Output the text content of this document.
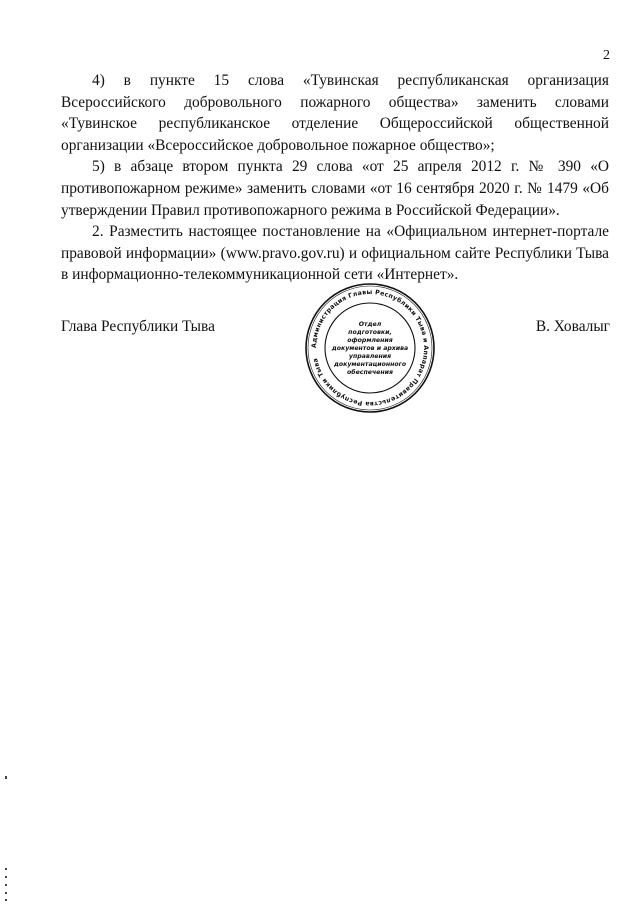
2

4) в пункте 15 слова «Тувинская республиканская организация Всероссийского добровольного пожарного общества» заменить словами «Тувинское республиканское отделение Общероссийской общественной организации «Всероссийское добровольное пожарное общество»;

5) в абзаце втором пункта 29 слова «от 25 апреля 2012 г. № 390 «О противопожарном режиме» заменить словами «от 16 сентября 2020 г. № 1479 «Об утверждении Правил противопожарного режима в Российской Федерации».

2. Разместить настоящее постановление на «Официальном интернет-портале правовой информации» (www.pravo.gov.ru) и официальном сайте Республики Тыва в информационно-телекоммуникационной сети «Интернет».

Глава Республики Тыва
Администрация Главы Республики Тыва и Аппарат Правительства Республики Тыва
Отдел
подготовки,
оформления
документов и архива
управления
документационного
обеспечения
В. Ховалыг
